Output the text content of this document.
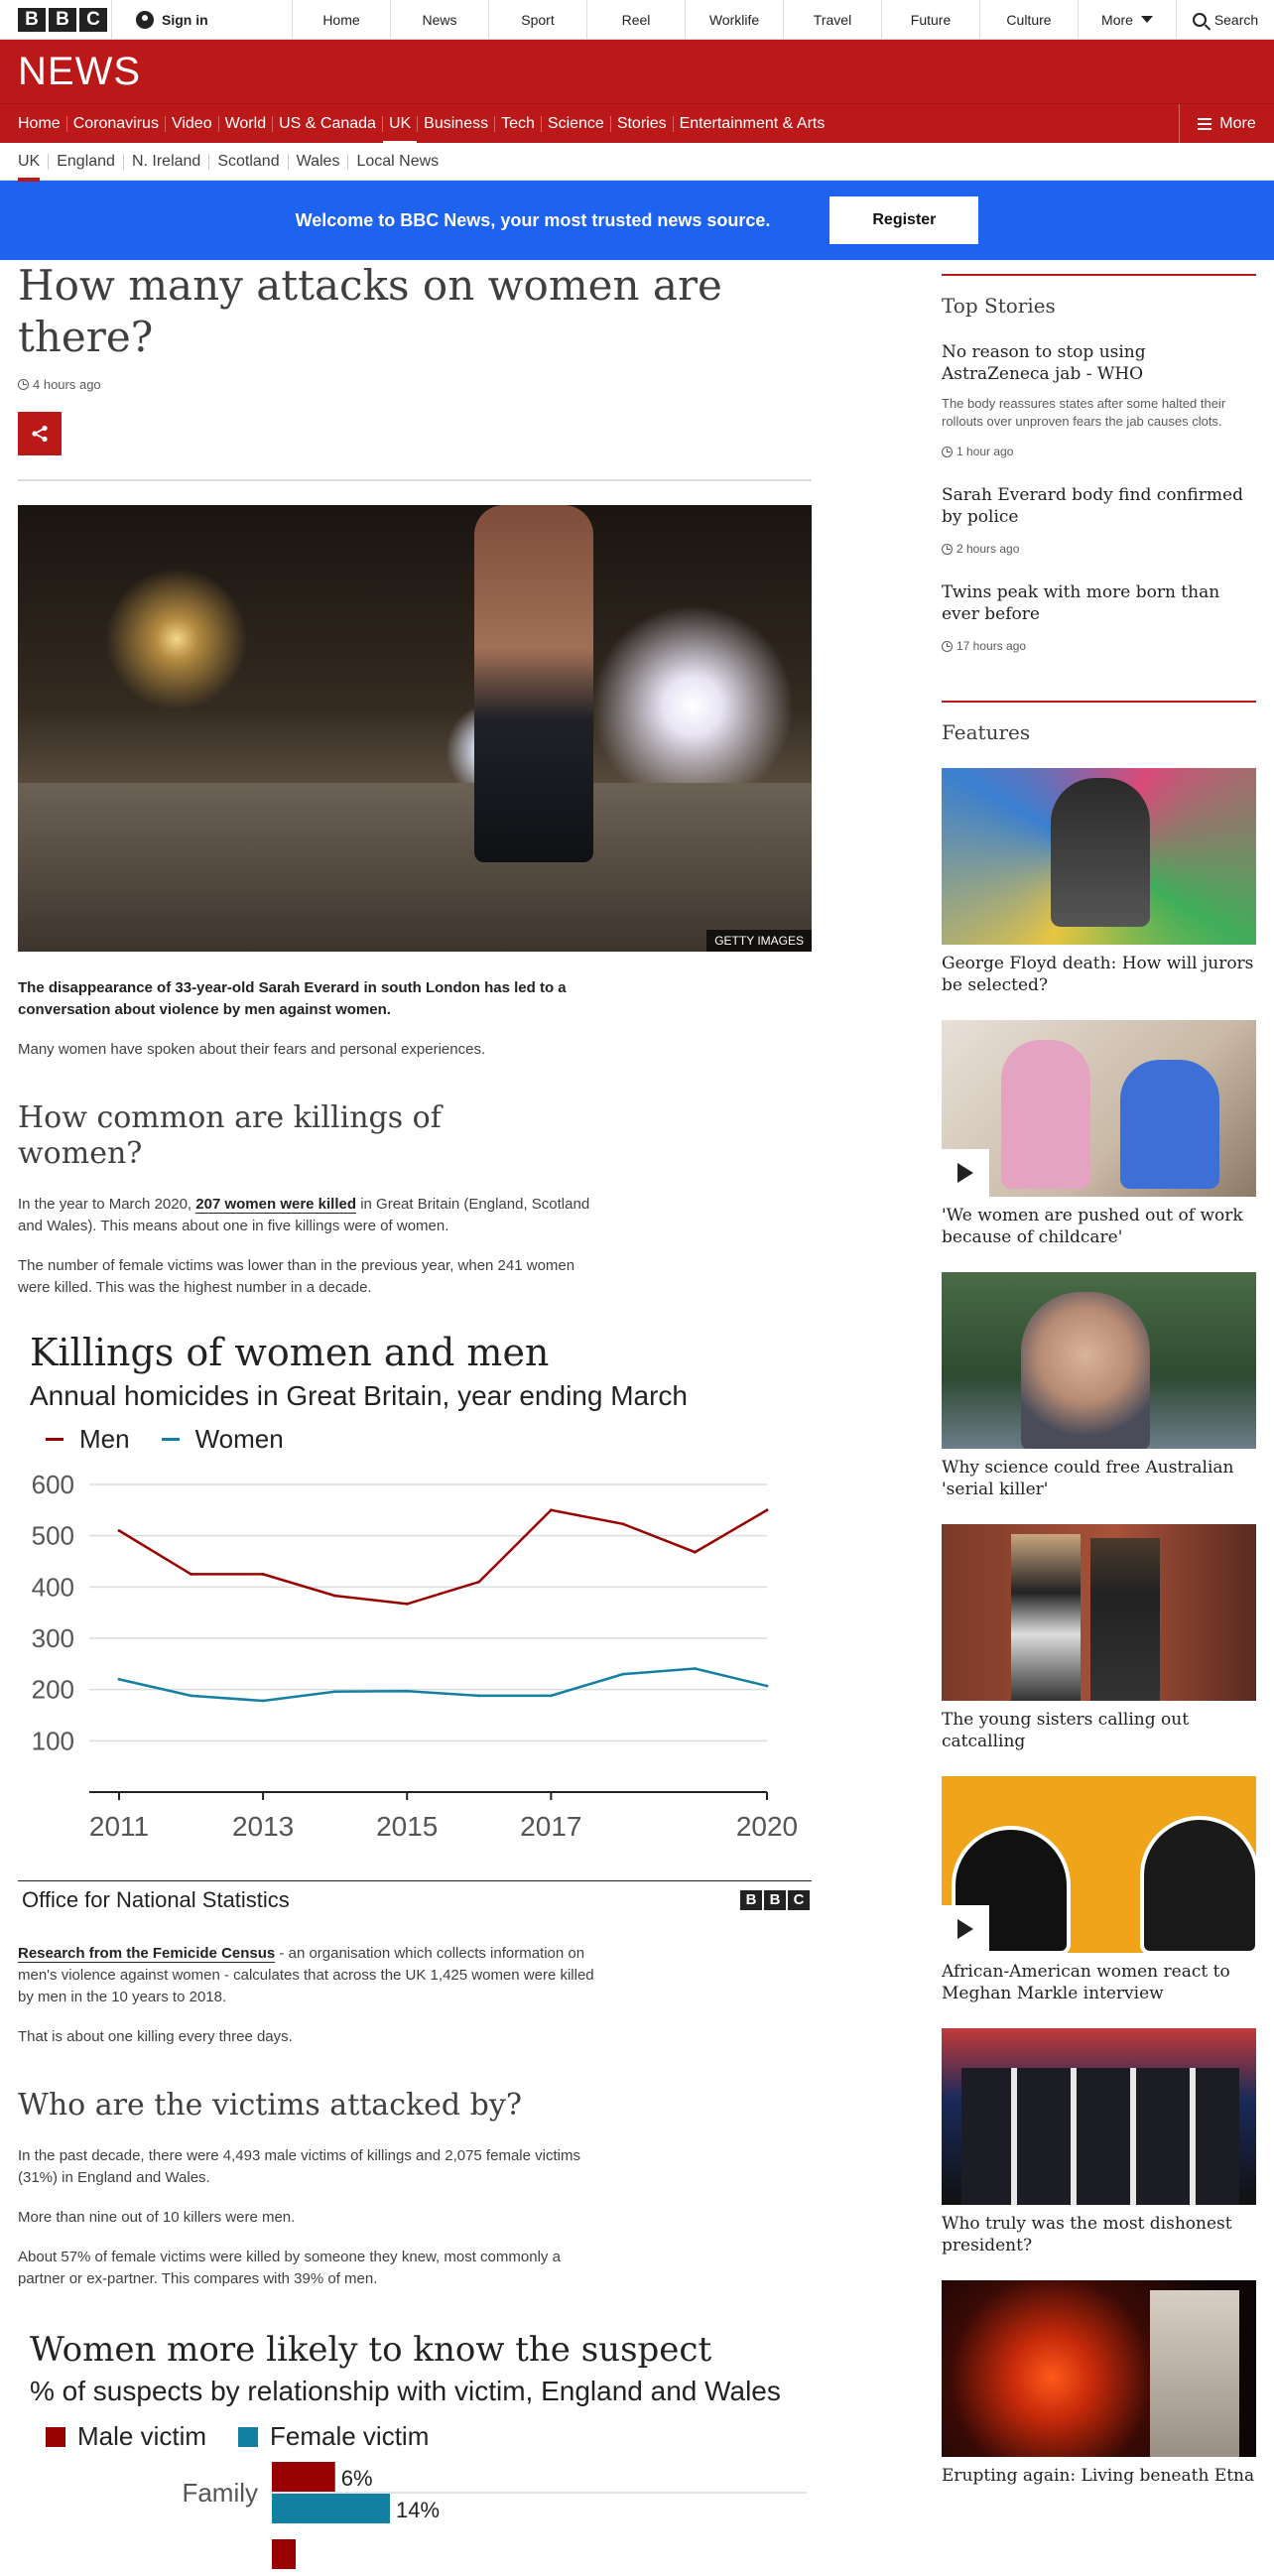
B B C	Sign in	Home	News	Sport	Reel	Worklife	Travel	Future	Culture	More	Search
NEWS
Home Coronavirus Video World US & Canada UK Business Tech Science Stories Entertainment & Arts	More
UK	England	N. Ireland	Scotland	Wales	Local News
Welcome to BBC News, your most trusted news source.	Register
How many attacks on women are there?
4 hours ago
GETTY IMAGES

The disappearance of 33-year-old Sarah Everard in south London has led to a conversation about violence by men against women.

Many women have spoken about their fears and personal experiences.

How common are killings of women?

In the year to March 2020, 207 women were killed in Great Britain (England, Scotland and Wales). This means about one in five killings were of women.

The number of female victims was lower than in the previous year, when 241 women were killed. This was the highest number in a decade.

Killings of women and men
Annual homicides in Great Britain, year ending March
Men	Women
100
200
300
400
500
600
2011	2013	2015	2017	2020
Office for National Statistics	B B C

Research from the Femicide Census - an organisation which collects information on men's violence against women - calculates that across the UK 1,425 women were killed by men in the 10 years to 2018.

That is about one killing every three days.

Who are the victims attacked by?

In the past decade, there were 4,493 male victims of killings and 2,075 female victims (31%) in England and Wales.

More than nine out of 10 killers were men.

About 57% of female victims were killed by someone they knew, most commonly a partner or ex-partner. This compares with 39% of men.

Women more likely to know the suspect
% of suspects by relationship with victim, England and Wales
Male victim Female victim
Family	6%
14%
Top Stories
No reason to stop using AstraZeneca jab - WHO
The body reassures states after some halted their rollouts over unproven fears the jab causes clots.
1 hour ago
Sarah Everard body find confirmed by police
2 hours ago
Twins peak with more born than ever before
17 hours ago
Features
George Floyd death: How will jurors be selected?
'We women are pushed out of work because of childcare'
Why science could free Australian 'serial killer'
The young sisters calling out catcalling
African-American women react to Meghan Markle interview
Who truly was the most dishonest president?
Erupting again: Living beneath Etna
